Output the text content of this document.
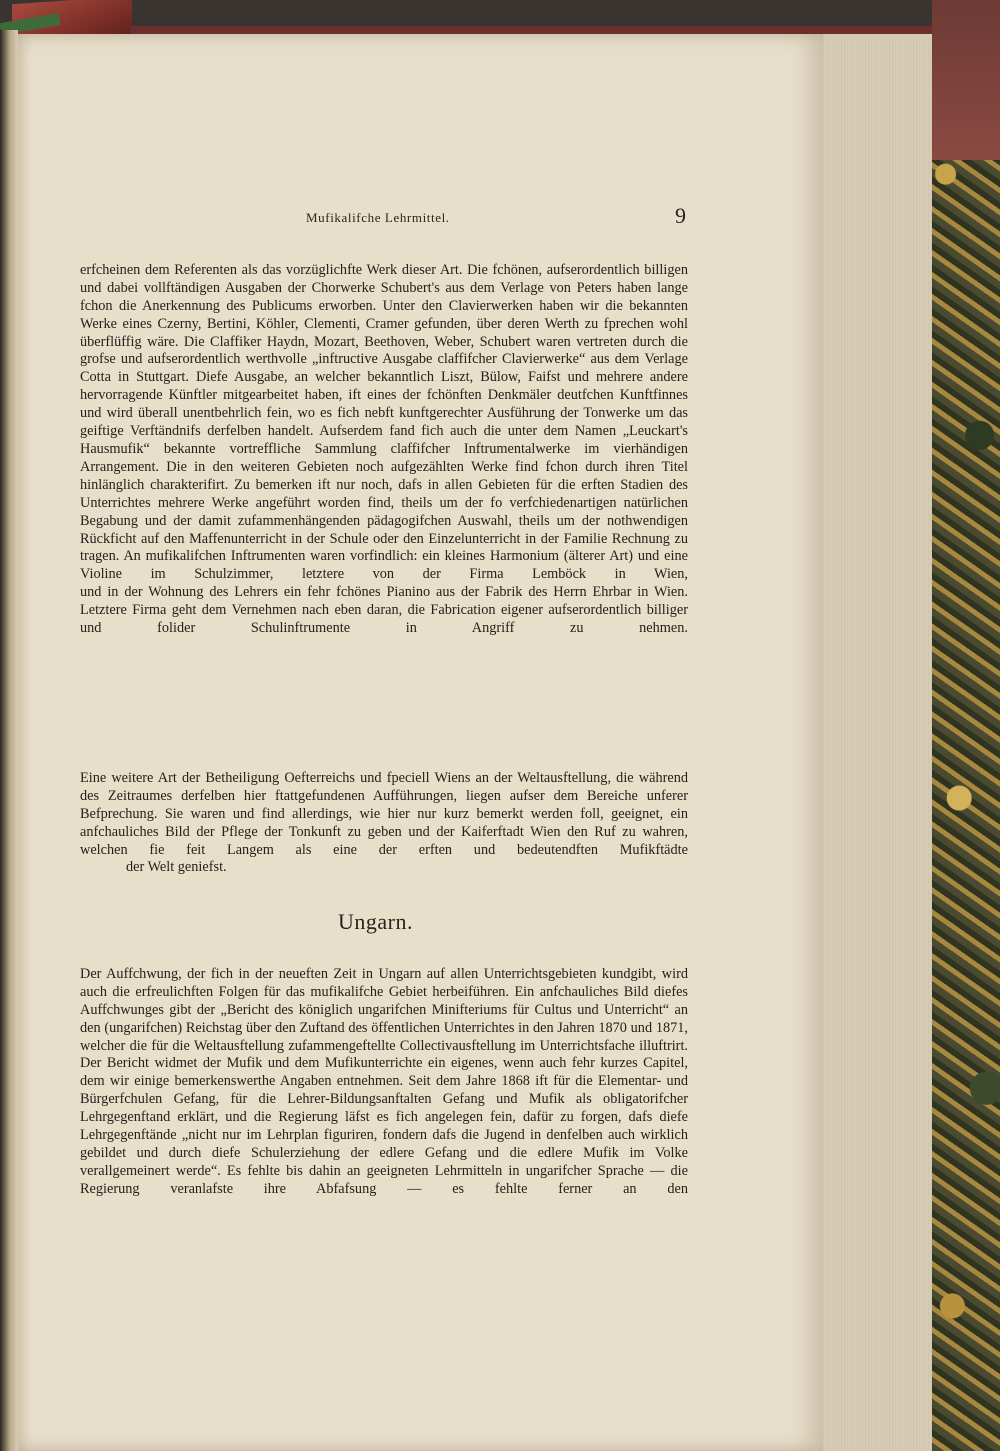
Mufikalifche Lehrmittel.	9

erfcheinen dem Referenten als das vorzüglichfte Werk dieser Art. Die fchönen, aufserordentlich billigen und dabei vollftändigen Ausgaben der Chorwerke Schubert's aus dem Verlage von Peters haben lange fchon die Anerkennung des Publicums erworben. Unter den Clavierwerken haben wir die bekannten Werke eines Czerny, Bertini, Köhler, Clementi, Cramer gefunden, über deren Werth zu fprechen wohl überflüffig wäre. Die Claffiker Haydn, Mozart, Beethoven, Weber, Schubert waren vertreten durch die grofse und aufserordentlich werthvolle „inftructive Ausgabe claffifcher Clavierwerke“ aus dem Verlage Cotta in Stuttgart. Diefe Ausgabe, an welcher bekanntlich Liszt, Bülow, Faifst und mehrere andere hervorragende Künftler mitgearbeitet haben, ift eines der fchönften Denkmäler deutfchen Kunftfinnes und wird überall unentbehrlich fein, wo es fich nebft kunftgerechter Ausführung der Tonwerke um das geiftige Verftändnifs derfelben handelt. Aufserdem fand fich auch die unter dem Namen „Leuckart's Hausmufik“ bekannte vortreffliche Sammlung claffifcher Inftrumentalwerke im vierhändigen Arrangement. Die in den weiteren Gebieten noch aufgezählten Werke find fchon durch ihren Titel hinlänglich charakterifirt. Zu bemerken ift nur noch, dafs in allen Gebieten für die erften Stadien des Unterrichtes mehrere Werke angeführt worden find, theils um der fo verfchiedenartigen natürlichen Begabung und der damit zufammenhängenden pädagogifchen Auswahl, theils um der nothwendigen Rückficht auf den Maffenunterricht in der Schule oder den Einzelunterricht in der Familie Rechnung zu tragen. An mufikalifchen Inftrumenten waren vorfindlich: ein kleines Harmonium (älterer Art) und eine Violine im Schulzimmer, letztere von der Firma Lemböck in Wien,
und in der Wohnung des Lehrers ein fehr fchönes Pianino aus der Fabrik des Herrn Ehrbar in Wien. Letztere Firma geht dem Vernehmen nach eben daran, die Fabrication eigener aufserordentlich billiger und folider Schulinftrumente in Angriff zu nehmen.

Eine weitere Art der Betheiligung Oefterreichs und fpeciell Wiens an der Weltausftellung, die während des Zeitraumes derfelben hier ftattgefundenen Aufführungen, liegen aufser dem Bereiche unferer Befprechung. Sie waren und find allerdings, wie hier nur kurz bemerkt werden foll, geeignet, ein anfchauliches Bild der Pflege der Tonkunft zu geben und der Kaiferftadt Wien den Ruf zu wahren, welchen fie feit Langem als eine der erften und bedeutendften Mufikftädte

der Welt geniefst.

Ungarn.

Der Auffchwung, der fich in der neueften Zeit in Ungarn auf allen Unterrichtsgebieten kundgibt, wird auch die erfreulichften Folgen für das mufikalifche Gebiet herbeiführen. Ein anfchauliches Bild diefes Auffchwunges gibt der „Bericht des königlich ungarifchen Minifteriums für Cultus und Unterricht“ an den (ungarifchen) Reichstag über den Zuftand des öffentlichen Unterrichtes in den Jahren 1870 und 1871, welcher die für die Weltausftellung zufammengeftellte Collectivausftellung im Unterrichtsfache illuftrirt. Der Bericht widmet der Mufik und dem Mufikunterrichte ein eigenes, wenn auch fehr kurzes Capitel, dem wir einige bemerkenswerthe Angaben entnehmen. Seit dem Jahre 1868 ift für die Elementar- und Bürgerfchulen Gefang, für die Lehrer-Bildungsanftalten Gefang und Mufik als obligatorifcher Lehrgegenftand erklärt, und die Regierung läfst es fich angelegen fein, dafür zu forgen, dafs diefe Lehrgegenftände „nicht nur im Lehrplan figuriren, fondern dafs die Jugend in denfelben auch wirklich gebildet und durch diefe Schulerziehung der edlere Gefang und die edlere Mufik im Volke verallgemeinert werde“. Es fehlte bis dahin an geeigneten Lehrmitteln in ungarifcher Sprache — die Regierung veranlafste ihre Abfafsung — es fehlte ferner an den
